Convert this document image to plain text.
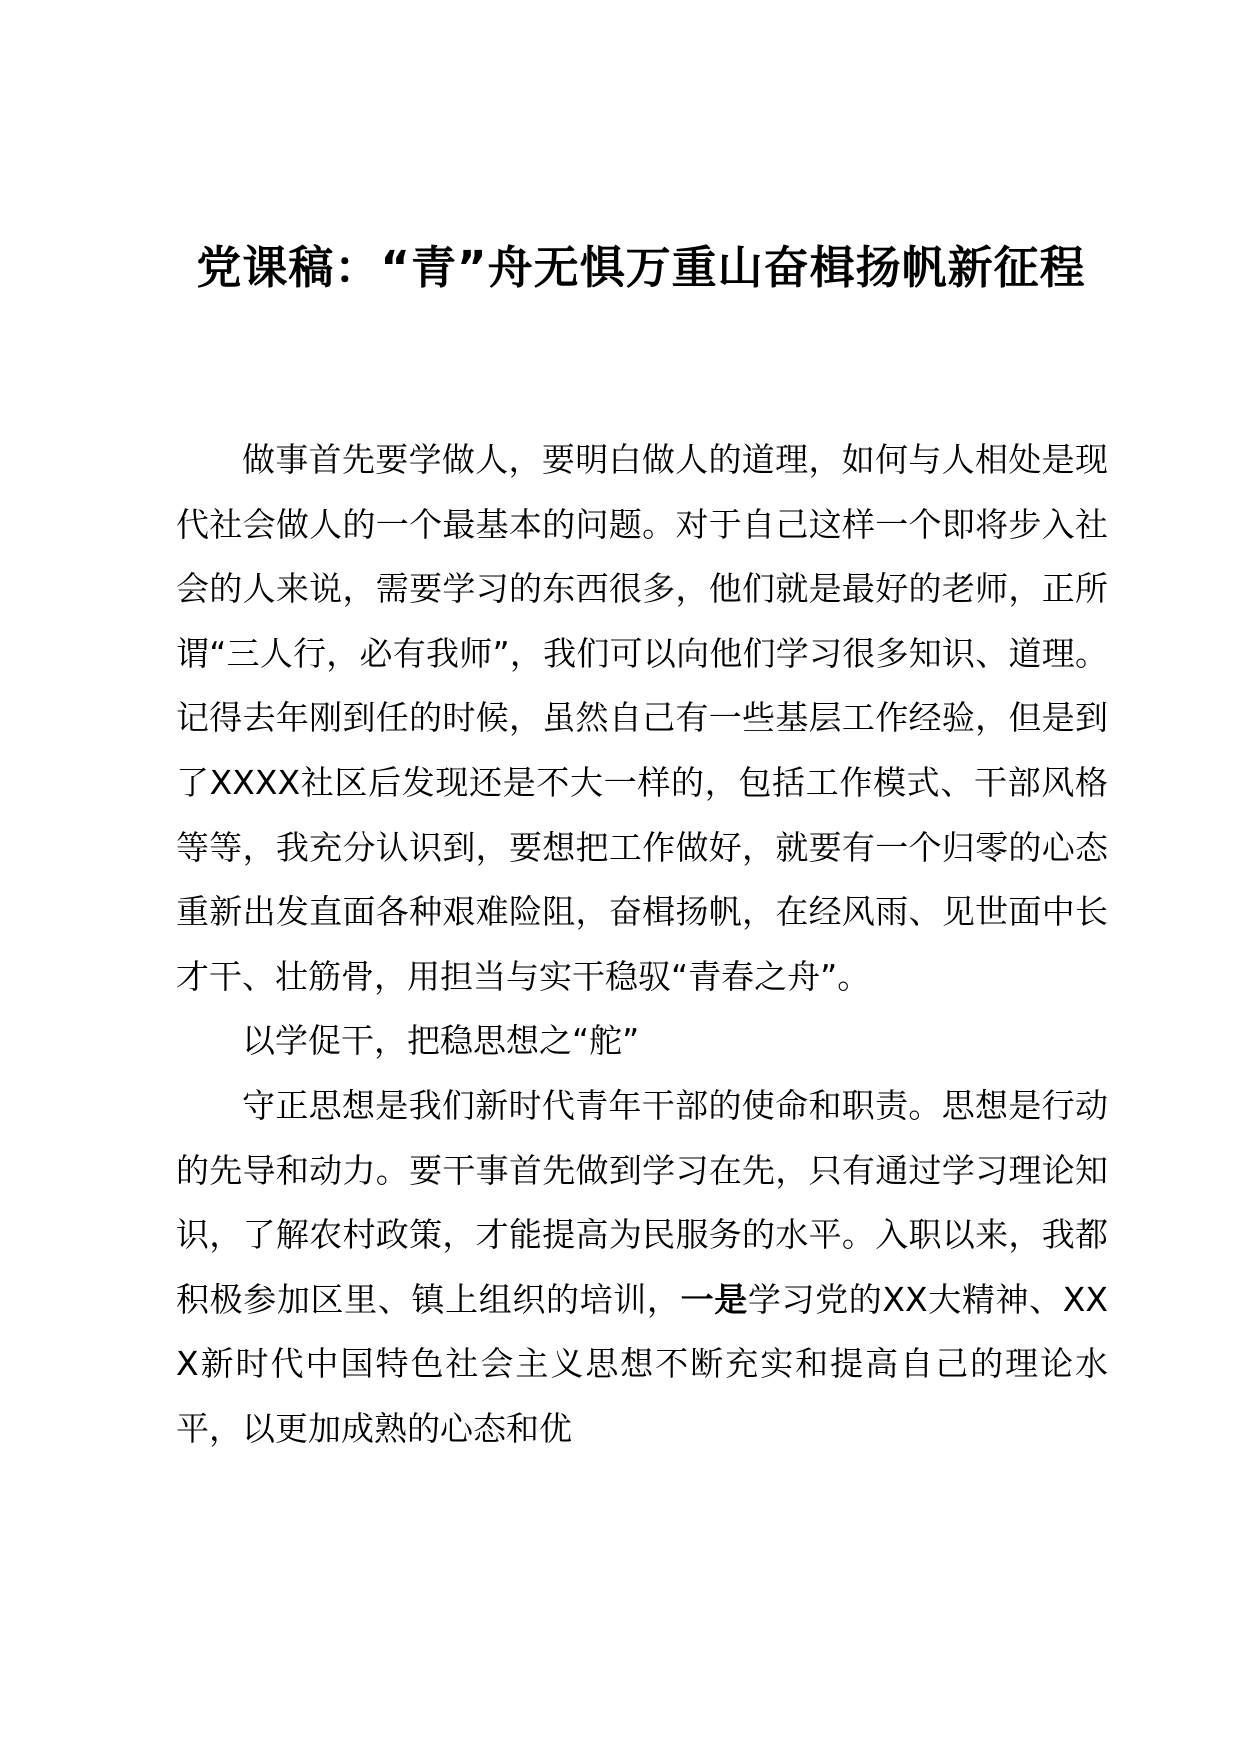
党课稿：“青”舟无惧万重山奋楫扬帆新征程

做事首先要学做人，要明白做人的道理，如何与人相处是现代社会做人的一个最基本的问题。对于自己这样一个即将步入社会的人来说，需要学习的东西很多，他们就是最好的老师，正所谓“三人行，必有我师”，我们可以向他们学习很多知识、道理。记得去年刚到任的时候，虽然自己有一些基层工作经验，但是到了XXXX社区后发现还是不大一样的，包括工作模式、干部风格等等，我充分认识到，要想把工作做好，就要有一个归零的心态重新出发直面各种艰难险阻，奋楫扬帆，在经风雨、见世面中长才干、壮筋骨，用担当与实干稳驭“青春之舟”。

以学促干，把稳思想之“舵”

守正思想是我们新时代青年干部的使命和职责。思想是行动的先导和动力。要干事首先做到学习在先，只有通过学习理论知识，了解农村政策，才能提高为民服务的水平。入职以来，我都积极参加区里、镇上组织的培训，一是学习党的XX大精神、XXX新时代中国特色社会主义思想不断充实和提高自己的理论水平，以更加成熟的心态和优
